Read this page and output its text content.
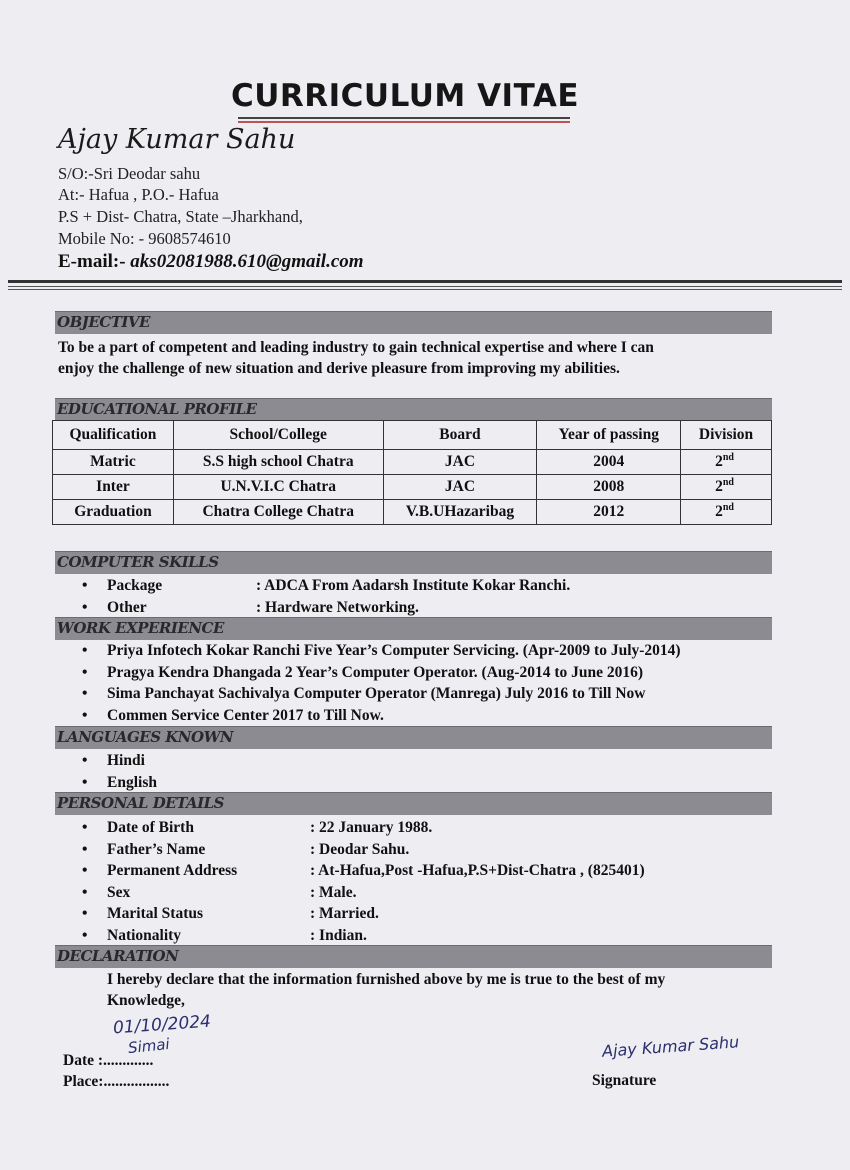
CURRICULUM VITAE
Ajay Kumar Sahu
S/O:-Sri Deodar sahu
At:- Hafua , P.O.- Hafua
P.S + Dist- Chatra, State –Jharkhand,
Mobile No: - 9608574610
E-mail:- aks02081988.610@gmail.com
OBJECTIVE
To be a part of competent and leading industry to gain technical expertise and where I can
enjoy the challenge of new situation and derive pleasure from improving my abilities.
EDUCATIONAL PROFILE
Qualification	School/College	Board	Year of passing	Division
Matric	S.S high school Chatra	JAC	2004	2nd
Inter	U.N.V.I.C Chatra	JAC	2008	2nd
Graduation	Chatra College Chatra	V.B.UHazaribag	2012	2nd
COMPUTER SKILLS
• Package	: ADCA From Aadarsh Institute Kokar Ranchi.
• Other	: Hardware Networking.
WORK EXPERIENCE
• Priya Infotech Kokar Ranchi Five Year’s Computer Servicing. (Apr-2009 to July-2014)
• Pragya Kendra Dhangada 2 Year’s Computer Operator. (Aug-2014 to June 2016)
• Sima Panchayat Sachivalya Computer Operator (Manrega) July 2016 to Till Now
• Commen Service Center 2017 to Till Now.
LANGUAGES KNOWN
• Hindi
• English
PERSONAL DETAILS
• Date of Birth	: 22 January 1988.
• Father’s Name	: Deodar Sahu.
• Permanent Address	: At-Hafua,Post -Hafua,P.S+Dist-Chatra , (825401)
• Sex	: Male.
• Marital Status	: Married.
• Nationality	: Indian.
DECLARATION
I hereby declare that the information furnished above by me is true to the best of my
Knowledge,
01/10/2024
Simai
Date :.............
Place:.................
Ajay Kumar Sahu
Signature
